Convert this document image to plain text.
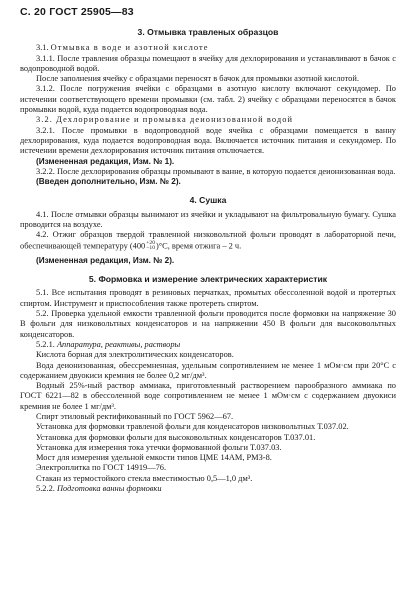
С. 20 ГОСТ 25905—83
3. Отмывка травленых образцов

3.1. Отмывка в воде и азотной кислоте

3.1.1. После травления образцы помещают в ячейку для дехлорирования и устанавливают в бачок с водопроводной водой.

После заполнения ячейку с образцами переносят в бачок для промывки азотной кислотой.

3.1.2. После погружения ячейки с образцами в азотную кислоту включают секундомер. По истечении соответствующего времени промывки (см. табл. 2) ячейку с образцами переносятся в бачок промывки водой, куда подается водопроводная вода.

3.2. Дехлорирование и промывка деионизованной водой

3.2.1. После промывки в водопроводной воде ячейка с образцами помещается в ванну дехлорирования, куда подается водопроводная вода. Включается источник питания и секундомер. По истечении времени дехлорирования источник питания отключается.

(Измененная редакция, Изм. № 1).

3.2.2. После дехлорирования образцы промывают в ванне, в которую подается деионизованная вода.

(Введен дополнительно, Изм. № 2).

4. Сушка

4.1. После отмывки образцы вынимают из ячейки и укладывают на фильтровальную бумагу. Сушка проводится на воздухе.

4.2. Отжиг образцов твердой травленной низковольтной фольги проводят в лабораторной печи, обеспечивающей температуру (400 +20
−10 )°С, время отжига – 2 ч.

(Измененная редакция, Изм. № 2).

5. Формовка и измерение электрических характеристик

5.1. Все испытания проводят в резиновых перчатках, промытых обессоленной водой и протертых спиртом. Инструмент и приспособления также протереть спиртом.

5.2. Проверка удельной емкости травленной фольги проводится после формовки на напряжение 30 В фольги для низковольтных конденсаторов и на напряжении 450 В фольги для высоковольтных конденсаторов.

5.2.1. Аппаратура, реактивы, растворы

Кислота борная для электролитических конденсаторов.

Вода деионизованная, обессремненная, удельным сопротивлением не менее 1 мОм·см при 20°С с содержанием двуокиси кремния не более 0,2 мг/дм³.

Водный 25%-ный раствор аммиака, приготовленный растворением парообразного аммиака по ГОСТ 6221—82 в обессоленной воде сопротивлением не менее 1 мОм·см с содержанием двуокиси кремния не более 1 мг/дм³.

Спирт этиловый ректификованный по ГОСТ 5962—67.

Установка для формовки травленой фольги для конденсаторов низковольтных Т.037.02.

Установка для формовки фольги для высоковольтных конденсаторов Т.037.01.

Установка для измерения тока утечки формованной фольги Т.037.03.

Мост для измерения удельной емкости типов ЦМЕ 14АМ, РМЗ-8.

Электроплитка по ГОСТ 14919—76.

Стакан из термостойкого стекла вместимостью 0,5—1,0 дм³.

5.2.2. Подготовка ванны формовки
